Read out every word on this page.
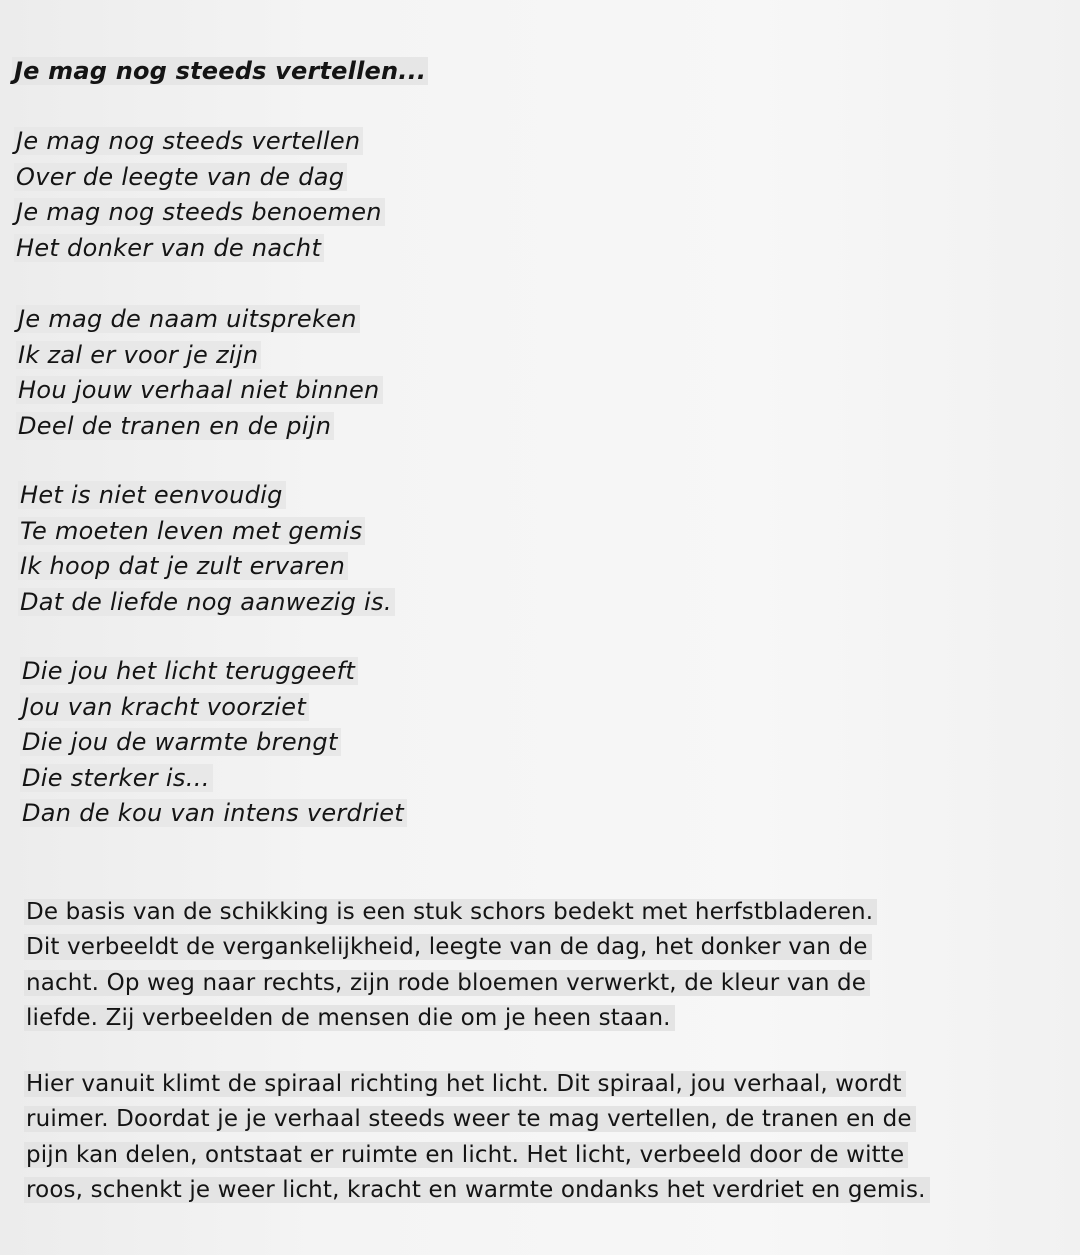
Je mag nog steeds vertellen...
Je mag nog steeds vertellen
Over de leegte van de dag
Je mag nog steeds benoemen
Het donker van de nacht
Je mag de naam uitspreken
Ik zal er voor je zijn
Hou jouw verhaal niet binnen
Deel de tranen en de pijn
Het is niet eenvoudig
Te moeten leven met gemis
Ik hoop dat je zult ervaren
Dat de liefde nog aanwezig is.
Die jou het licht teruggeeft
Jou van kracht voorziet
Die jou de warmte brengt
Die sterker is…
Dan de kou van intens verdriet
De basis van de schikking is een stuk schors bedekt met herfstbladeren.
Dit verbeeldt de vergankelijkheid, leegte van de dag, het donker van de
nacht. Op weg naar rechts, zijn rode bloemen verwerkt, de kleur van de
liefde. Zij verbeelden de mensen die om je heen staan.
Hier vanuit klimt de spiraal richting het licht. Dit spiraal, jou verhaal, wordt
ruimer. Doordat je je verhaal steeds weer te mag vertellen, de tranen en de
pijn kan delen, ontstaat er ruimte en licht. Het licht, verbeeld door de witte
roos, schenkt je weer licht, kracht en warmte ondanks het verdriet en gemis.
